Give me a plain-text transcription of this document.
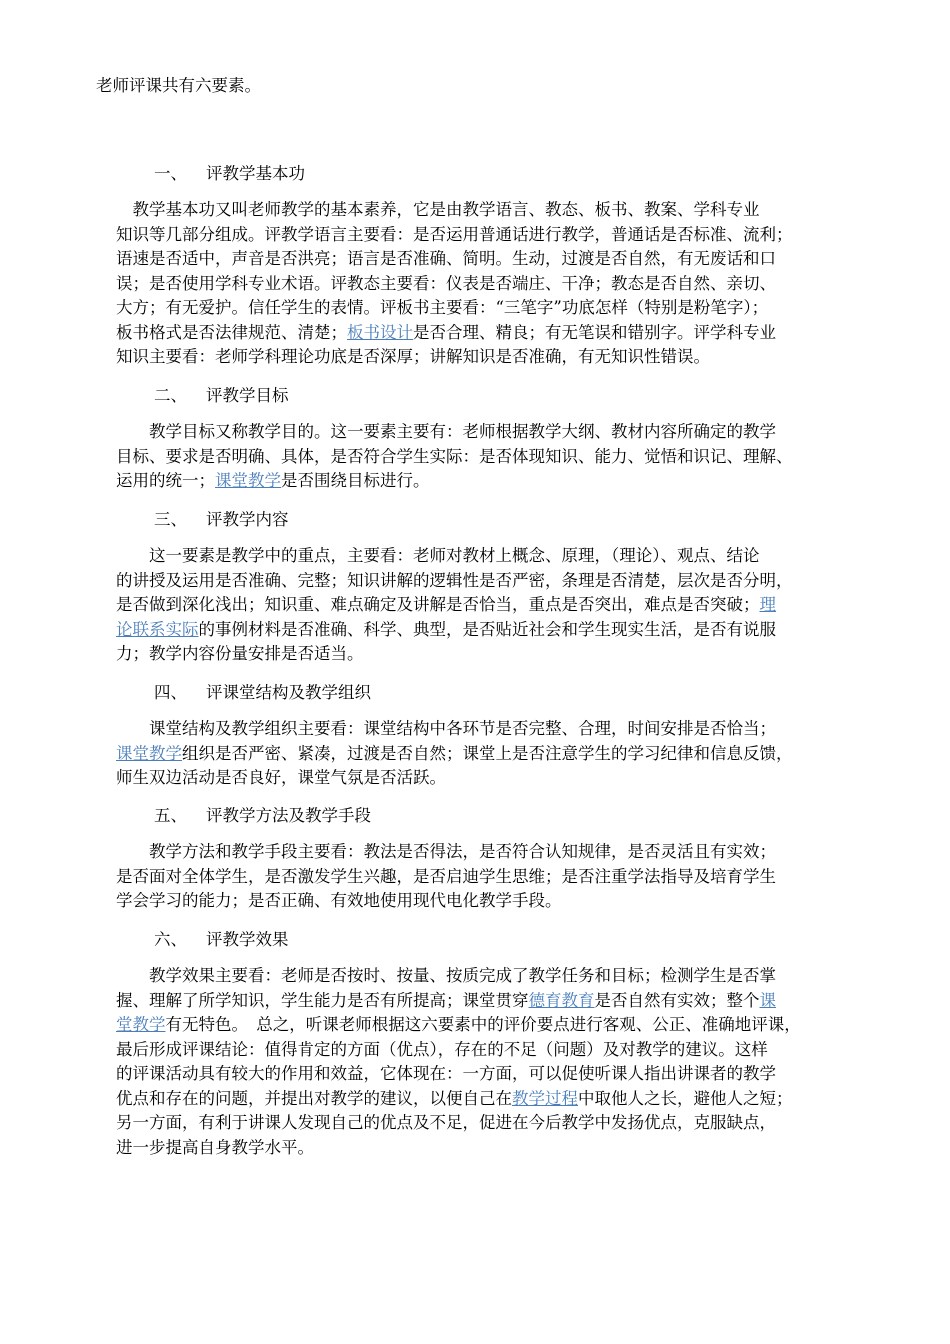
老师评课共有六要素。

一、 评教学基本功

　教学基本功又叫老师教学的基本素养，它是由教学语言、教态、板书、教案、学科专业
知识等几部分组成。评教学语言主要看：是否运用普通话进行教学，普通话是否标准、流利；
语速是否适中，声音是否洪亮；语言是否准确、简明。生动，过渡是否自然，有无废话和口
误；是否使用学科专业术语。评教态主要看：仪表是否端庄、干净；教态是否自然、亲切、
大方；有无爱护。信任学生的表情。评板书主要看：“三笔字”功底怎样（特别是粉笔字）；
板书格式是否法律规范、清楚；板书设计是否合理、精良；有无笔误和错别字。评学科专业
知识主要看：老师学科理论功底是否深厚；讲解知识是否准确，有无知识性错误。

二、 评教学目标

　　教学目标又称教学目的。这一要素主要有：老师根据教学大纲、教材内容所确定的教学
目标、要求是否明确、具体，是否符合学生实际：是否体现知识、能力、觉悟和识记、理解、
运用的统一；课堂教学是否围绕目标进行。

三、 评教学内容

　　这一要素是教学中的重点，主要看：老师对教材上概念、原理，（理论）、观点、结论
的讲授及运用是否准确、完整；知识讲解的逻辑性是否严密，条理是否清楚，层次是否分明，
是否做到深化浅出；知识重、难点确定及讲解是否恰当，重点是否突出，难点是否突破；理
论联系实际的事例材料是否准确、科学、典型，是否贴近社会和学生现实生活，是否有说服
力；教学内容份量安排是否适当。

四、 评课堂结构及教学组织

　　课堂结构及教学组织主要看：课堂结构中各环节是否完整、合理，时间安排是否恰当；
课堂教学组织是否严密、紧凑，过渡是否自然；课堂上是否注意学生的学习纪律和信息反馈，
师生双边活动是否良好，课堂气氛是否活跃。

五、 评教学方法及教学手段

　　教学方法和教学手段主要看：教法是否得法，是否符合认知规律，是否灵活且有实效；
是否面对全体学生，是否激发学生兴趣，是否启迪学生思维；是否注重学法指导及培育学生
学会学习的能力；是否正确、有效地使用现代电化教学手段。

六、 评教学效果

　　教学效果主要看：老师是否按时、按量、按质完成了教学任务和目标；检测学生是否掌
握、理解了所学知识，学生能力是否有所提高；课堂贯穿德育教育是否自然有实效；整个课
堂教学有无特色。　总之，听课老师根据这六要素中的评价要点进行客观、公正、准确地评课，
最后形成评课结论：值得肯定的方面（优点），存在的不足（问题）及对教学的建议。这样
的评课活动具有较大的作用和效益，它体现在：一方面，可以促使听课人指出讲课者的教学
优点和存在的问题，并提出对教学的建议，以便自己在教学过程中取他人之长，避他人之短；
另一方面，有利于讲课人发现自己的优点及不足，促进在今后教学中发扬优点，克服缺点，
进一步提高自身教学水平。
